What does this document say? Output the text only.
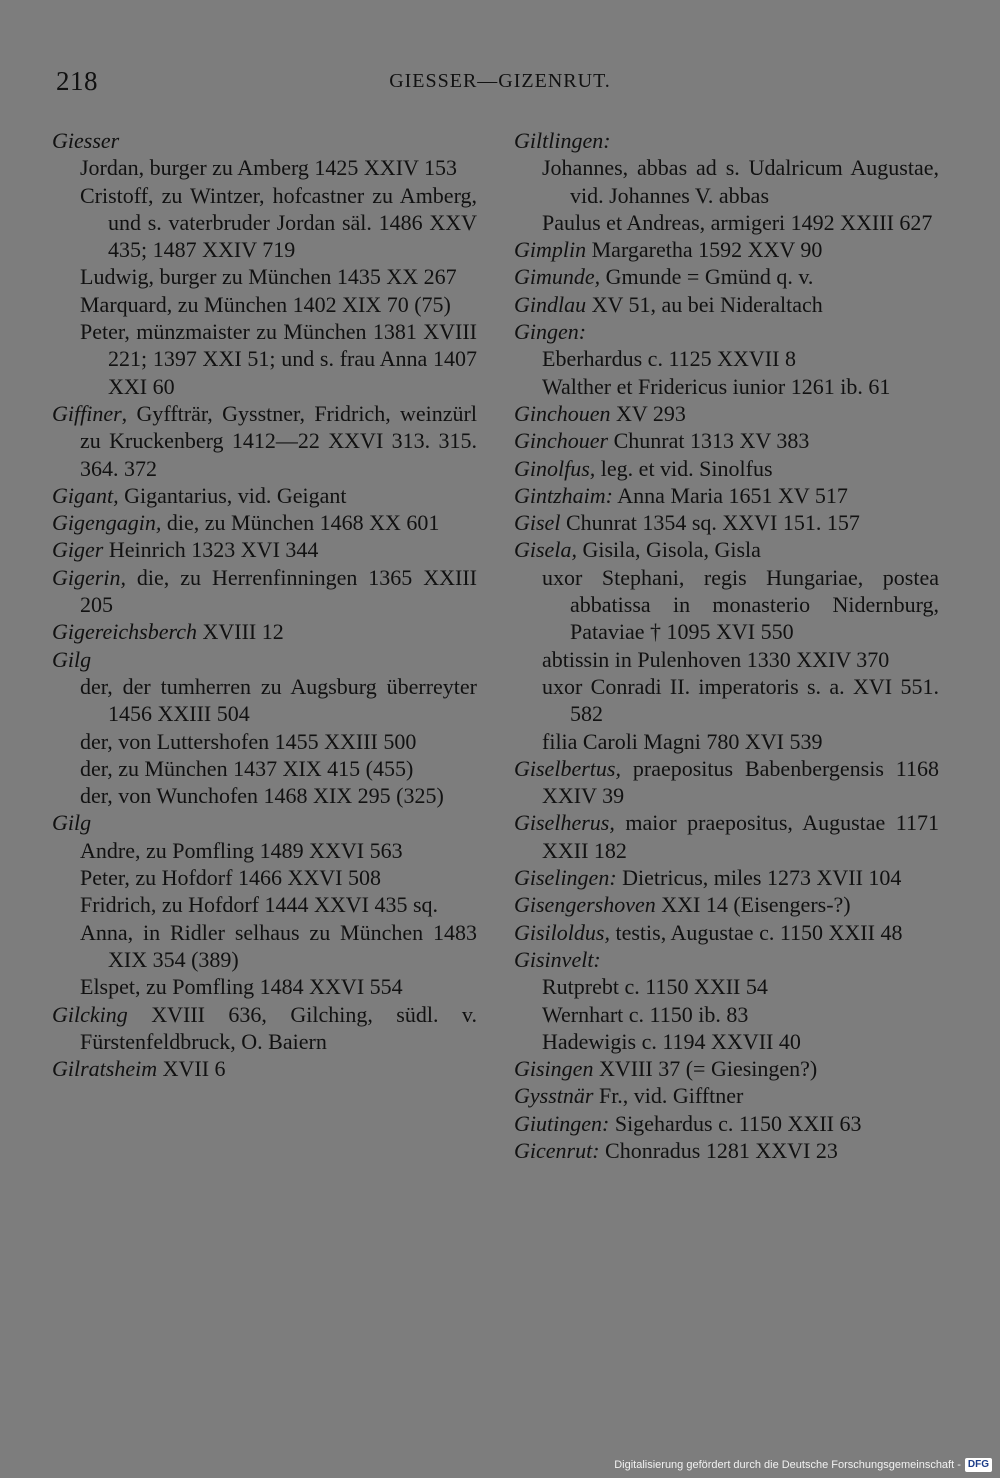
218	GIESSER—GIZENRUT.

Giesser

Jordan, burger zu Amberg 1425 XXIV 153

Cristoff, zu Wintzer, hofcastner zu Amberg, und s. vaterbruder Jordan säl. 1486 XXV 435; 1487 XXIV 719

Ludwig, burger zu München 1435 XX 267

Marquard, zu München 1402 XIX 70 (75)

Peter, münzmaister zu München 1381 XVIII 221; 1397 XXI 51; und s. frau Anna 1407 XXI 60

Giffiner, Gyffträr, Gysstner, Fridrich, weinzürl zu Kruckenberg 1412—22 XXVI 313. 315. 364. 372

Gigant, Gigantarius, vid. Geigant

Gigengagin, die, zu München 1468 XX 601

Giger Heinrich 1323 XVI 344

Gigerin, die, zu Herrenfinningen 1365 XXIII 205

Gigereichsberch XVIII 12

Gilg

der, der tumherren zu Augsburg überreyter 1456 XXIII 504

der, von Luttershofen 1455 XXIII 500

der, zu München 1437 XIX 415 (455)

der, von Wunchofen 1468 XIX 295 (325)

Gilg

Andre, zu Pomfling 1489 XXVI 563

Peter, zu Hofdorf 1466 XXVI 508

Fridrich, zu Hofdorf 1444 XXVI 435 sq.

Anna, in Ridler selhaus zu München 1483 XIX 354 (389)

Elspet, zu Pomfling 1484 XXVI 554

Gilcking XVIII 636, Gilching, südl. v. Fürstenfeldbruck, O. Baiern

Gilratsheim XVII 6

Giltlingen:

Johannes, abbas ad s. Udalricum Augustae, vid. Johannes V. abbas

Paulus et Andreas, armigeri 1492 XXIII 627

Gimplin Margaretha 1592 XXV 90

Gimunde, Gmunde = Gmünd q. v.

Gindlau XV 51, au bei Nideraltach

Gingen:

Eberhardus c. 1125 XXVII 8

Walther et Fridericus iunior 1261 ib. 61

Ginchouen XV 293

Ginchouer Chunrat 1313 XV 383

Ginolfus, leg. et vid. Sinolfus

Gintzhaim: Anna Maria 1651 XV 517

Gisel Chunrat 1354 sq. XXVI 151. 157

Gisela, Gisila, Gisola, Gisla

uxor Stephani, regis Hungariae, postea abbatissa in monasterio Nidernburg, Pataviae † 1095 XVI 550

abtissin in Pulenhoven 1330 XXIV 370

uxor Conradi II. imperatoris s. a. XVI 551. 582

filia Caroli Magni 780 XVI 539

Giselbertus, praepositus Babenbergensis 1168 XXIV 39

Giselherus, maior praepositus, Augustae 1171 XXII 182

Giselingen: Dietricus, miles 1273 XVII 104

Gisengershoven XXI 14 (Eisengers-?)

Gisiloldus, testis, Augustae c. 1150 XXII 48

Gisinvelt:

Rutprebt c. 1150 XXII 54

Wernhart c. 1150 ib. 83

Hadewigis c. 1194 XXVII 40

Gisingen XVIII 37 (= Giesingen?)

Gysstnär Fr., vid. Gifftner

Giutingen: Sigehardus c. 1150 XXII 63

Gicenrut: Chonradus 1281 XXVI 23

Digitalisierung gefördert durch die Deutsche Forschungsgemeinschaft - DFG
